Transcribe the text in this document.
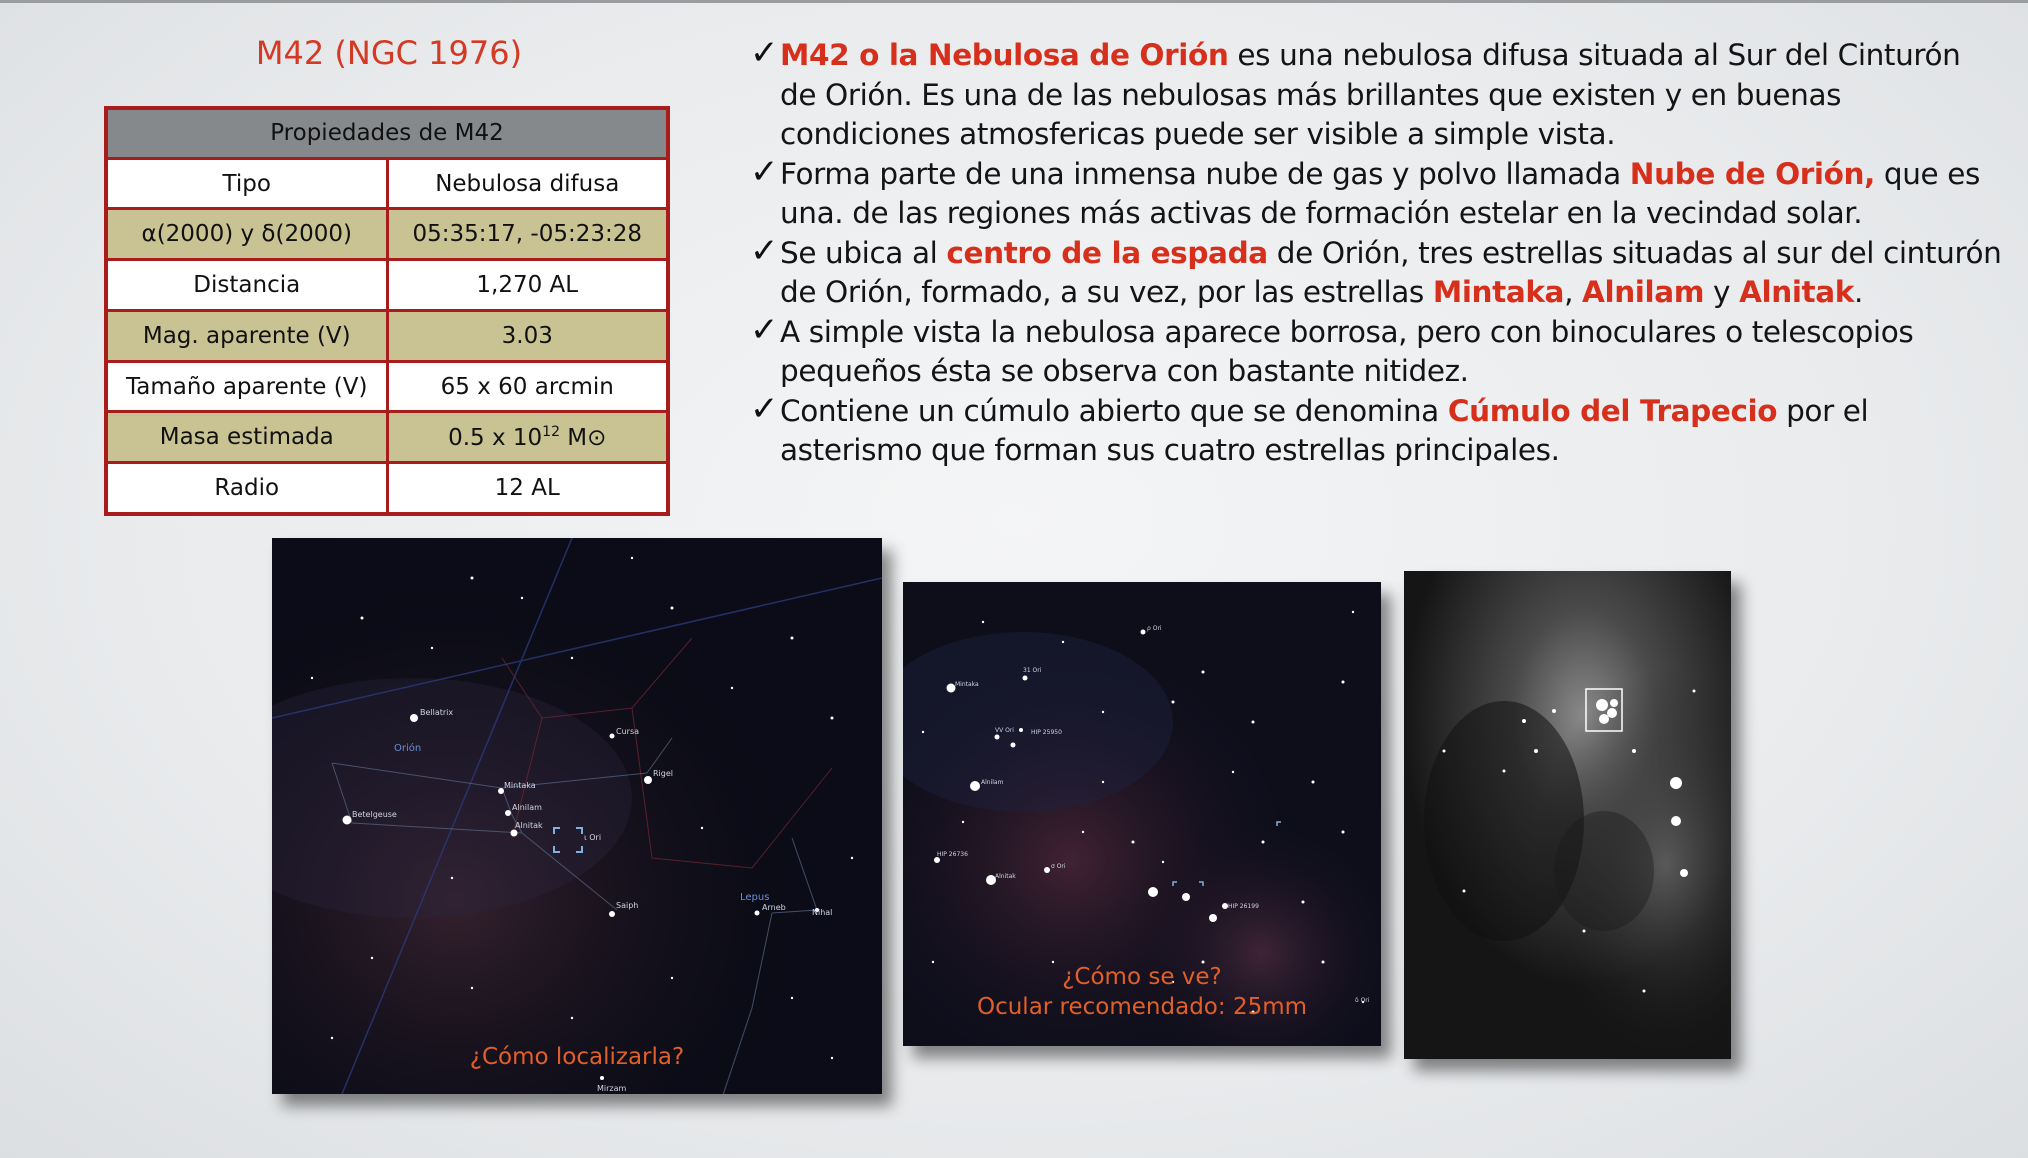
M42 (NGC 1976)
Propiedades de M42	
Tipo	Nebulosa difusa
α(2000) y δ(2000)	05:35:17, -05:23:28
Distancia	1,270 AL
Mag. aparente (V)	3.03
Tamaño aparente (V)	65 x 60 arcmin
Masa estimada	0.5 x $10^{12}$ M⊙
Radio	12 AL

✓ M42 o la Nebulosa de Orión es una nebulosa difusa situada al Sur del Cinturón de Orión. Es una de las nebulosas más brillantes que existen y en buenas condiciones atmosfericas puede ser visible a simple vista.

✓ Forma parte de una inmensa nube de gas y polvo llamada Nube de Orión, que es una. de las regiones más activas de formación estelar en la vecindad solar.

✓ Se ubica al centro de la espada de Orión, tres estrellas situadas al sur del cinturón de Orión, formado, a su vez, por las estrellas Mintaka, Alnilam y Alnitak.

✓ A simple vista la nebulosa aparece borrosa, pero con binoculares o telescopios pequeños ésta se observa con bastante nitidez.

✓ Contiene un cúmulo abierto que se denomina Cúmulo del Trapecio por el asterismo que forman sus cuatro estrellas principales.

Bellatrix
Orión
Cursa
Rigel
Mintaka
Alnilam
Alnitak
Betelgeuse
ι Ori
Saiph
Lepus
Arneb
Nihal
Mirzam
¿Cómo localizarla?
Mintaka
31 Ori
VV Ori	HIP 25950
Alnilam
HIP 26736
Alnitak
σ Ori
HIP 26199
ρ Ori
δ Ori
¿Cómo se ve?
Ocular recomendado: 25mm
